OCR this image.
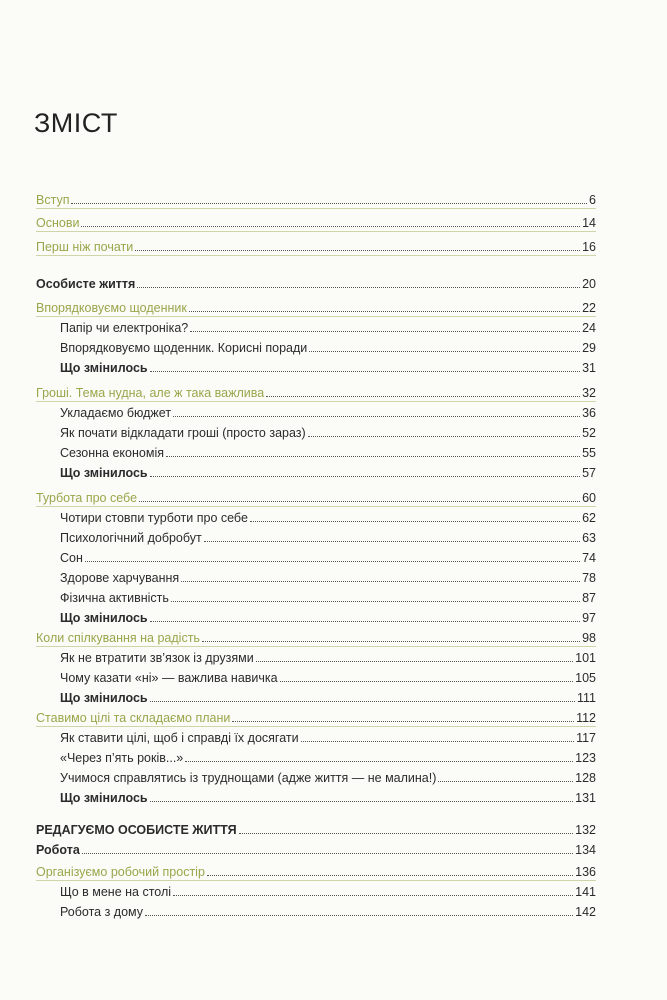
ЗМІСТ
Вступ	6
Основи	14
Перш ніж почати	16
Особисте життя	20
Впорядковуємо щоденник	22
Папір чи електроніка?	24
Впорядковуємо щоденник. Корисні поради	29
Що змінилось	31
Гроші. Тема нудна, але ж така важлива	32
Укладаємо бюджет	36
Як почати відкладати гроші (просто зараз)	52
Сезонна економія	55
Що змінилось	57
Турбота про себе	60
Чотири стовпи турботи про себе	62
Психологічний добробут	63
Сон	74
Здорове харчування	78
Фізична активність	87
Що змінилось	97
Коли спілкування на радість	98
Як не втратити зв’язок із друзями	101
Чому казати «ні» — важлива навичка	105
Що змінилось	111
Ставимо цілі та складаємо плани	112
Як ставити цілі, щоб і справді їх досягати	117
«Через п’ять років...»	123
Учимося справлятись із труднощами (адже життя — не малина!)	128
Що змінилось	131
РЕДАГУЄМО ОСОБИСТЕ ЖИТТЯ	132
Робота	134
Організуємо робочий простір	136
Що в мене на столі	141
Робота з дому	142
